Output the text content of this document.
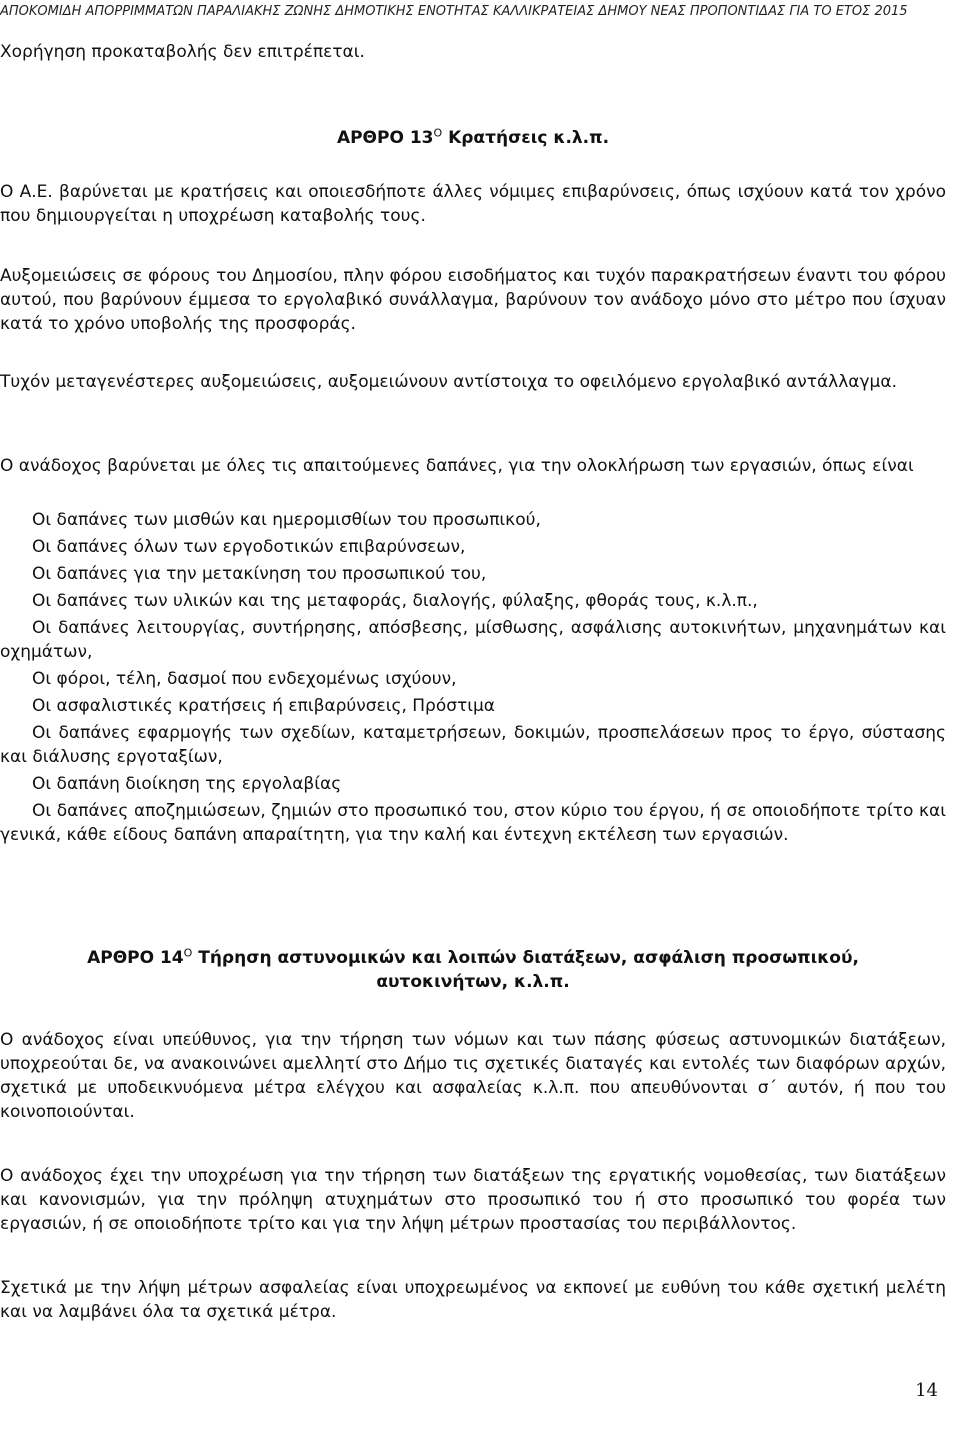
ΑΠΟΚΟΜΙΔΗ ΑΠΟΡΡΙΜΜΑΤΩΝ ΠΑΡΑΛΙΑΚΗΣ ΖΩΝΗΣ ΔΗΜΟΤΙΚΗΣ ΕΝΟΤΗΤΑΣ ΚΑΛΛΙΚΡΑΤΕΙΑΣ ΔΗΜΟΥ ΝΕΑΣ ΠΡΟΠΟΝΤΙΔΑΣ ΓΙΑ ΤΟ ΕΤΟΣ 2015

Χορήγηση προκαταβολής δεν επιτρέπεται.

ΑΡΘΡΟ $13^O$ Κρατήσεις κ.λ.π.

Ο Α.Ε. βαρύνεται με κρατήσεις και οποιεσδήποτε άλλες νόμιμες επιβαρύνσεις, όπως ισχύουν κατά τον χρόνο που δημιουργείται η υποχρέωση καταβολής τους.

Αυξομειώσεις σε φόρους του Δημοσίου, πλην φόρου εισοδήματος και τυχόν παρακρατήσεων έναντι του φόρου αυτού, που βαρύνουν έμμεσα το εργολαβικό συνάλλαγμα, βαρύνουν τον ανάδοχο μόνο στο μέτρο που ίσχυαν κατά το χρόνο υποβολής της προσφοράς.

Τυχόν μεταγενέστερες αυξομειώσεις, αυξομειώνουν αντίστοιχα το οφειλόμενο εργολαβικό αντάλλαγμα.

Ο ανάδοχος βαρύνεται με όλες τις απαιτούμενες δαπάνες, για την ολοκλήρωση των εργασιών, όπως είναι

Οι δαπάνες των μισθών και ημερομισθίων του προσωπικού,
Οι δαπάνες όλων των εργοδοτικών επιβαρύνσεων,
Οι δαπάνες για την μετακίνηση του προσωπικού του,
Οι δαπάνες των υλικών και της μεταφοράς, διαλογής, φύλαξης, φθοράς τους, κ.λ.π.,
Οι δαπάνες λειτουργίας, συντήρησης, απόσβεσης, μίσθωσης, ασφάλισης αυτοκινήτων, μηχανημάτων και οχημάτων,
Οι φόροι, τέλη, δασμοί που ενδεχομένως ισχύουν,
Οι ασφαλιστικές κρατήσεις ή επιβαρύνσεις, Πρόστιμα
Οι δαπάνες εφαρμογής των σχεδίων, καταμετρήσεων, δοκιμών, προσπελάσεων προς το έργο, σύστασης και διάλυσης εργοταξίων,
Οι δαπάνη διοίκηση της εργολαβίας
Οι δαπάνες αποζημιώσεων, ζημιών στο προσωπικό του, στον κύριο του έργου, ή σε οποιοδήποτε τρίτο και γενικά, κάθε είδους δαπάνη απαραίτητη, για την καλή και έντεχνη εκτέλεση των εργασιών.
ΑΡΘΡΟ $14^O$ Τήρηση αστυνομικών και λοιπών διατάξεων, ασφάλιση προσωπικού,
αυτοκινήτων, κ.λ.π.

Ο ανάδοχος είναι υπεύθυνος, για την τήρηση των νόμων και των πάσης φύσεως αστυνομικών διατάξεων, υποχρεούται δε, να ανακοινώνει αμελλητί στο Δήμο τις σχετικές διαταγές και εντολές των διαφόρων αρχών, σχετικά με υποδεικνυόμενα μέτρα ελέγχου και ασφαλείας κ.λ.π. που απευθύνονται σ΄ αυτόν, ή που του κοινοποιούνται.

Ο ανάδοχος έχει την υποχρέωση για την τήρηση των διατάξεων της εργατικής νομοθεσίας, των διατάξεων και κανονισμών, για την πρόληψη ατυχημάτων στο προσωπικό του ή στο προσωπικό του φορέα των εργασιών, ή σε οποιοδήποτε τρίτο και για την λήψη μέτρων προστασίας του περιβάλλοντος.

Σχετικά με την λήψη μέτρων ασφαλείας είναι υποχρεωμένος να εκπονεί με ευθύνη του κάθε σχετική μελέτη και να λαμβάνει όλα τα σχετικά μέτρα.

14
